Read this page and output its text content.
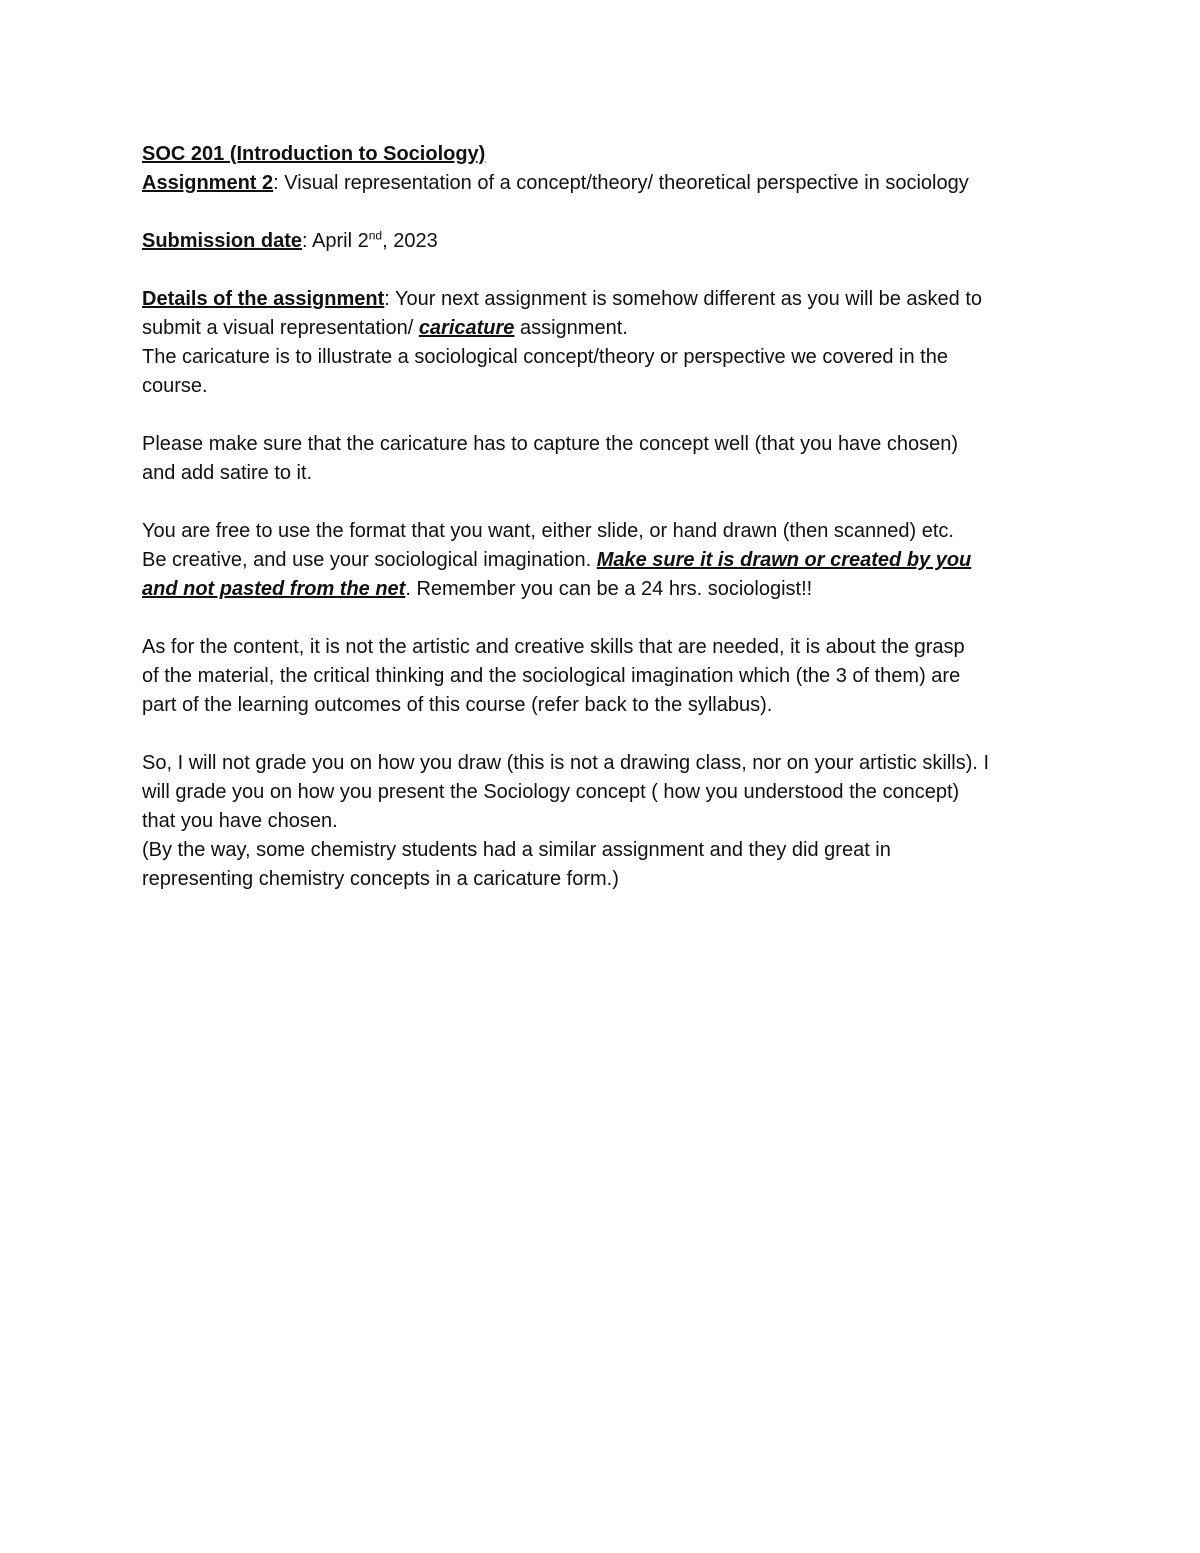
SOC 201 (Introduction to Sociology)
Assignment 2: Visual representation of a concept/theory/ theoretical perspective in sociology
Submission date: April 2nd, 2023
Details of the assignment: Your next assignment is somehow different as you will be asked to
submit a visual representation/ caricature assignment.
The caricature is to illustrate a sociological concept/theory or perspective we covered in the
course.
Please make sure that the caricature has to capture the concept well (that you have chosen)
and add satire to it.
You are free to use the format that you want, either slide, or hand drawn (then scanned) etc.
Be creative, and use your sociological imagination. Make sure it is drawn or created by you
and not pasted from the net. Remember you can be a 24 hrs. sociologist!!
As for the content, it is not the artistic and creative skills that are needed, it is about the grasp
of the material, the critical thinking and the sociological imagination which (the 3 of them) are
part of the learning outcomes of this course (refer back to the syllabus).
So, I will not grade you on how you draw (this is not a drawing class, nor on your artistic skills). I
will grade you on how you present the Sociology concept ( how you understood the concept)
that you have chosen.
(By the way, some chemistry students had a similar assignment and they did great in
representing chemistry concepts in a caricature form.)
